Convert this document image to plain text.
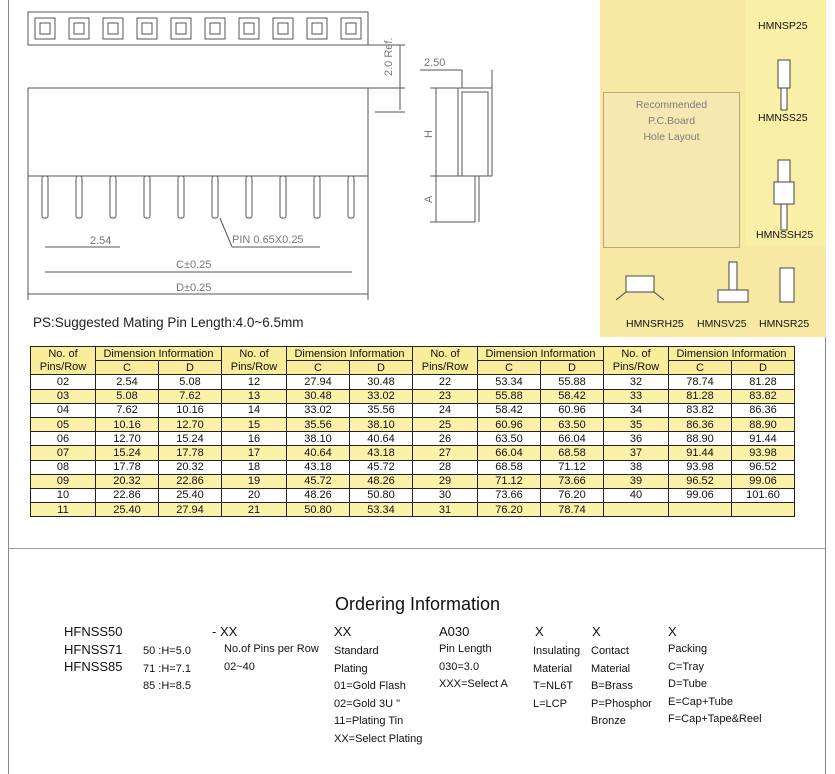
2.0 Ref.	2.50
H
A
2.54	PIN 0.65X0.25
C±0.25
D±0.25
HMNSP25
HMNSS25
HMNSSH25
HMNSRH25 HMNSV25 HMNSR25
Recommended
P.C.Board
Hole Layout
PS:Suggested Mating Pin Length:4.0~6.5mm
No. of Pins/Row	Dimension Information		No. of Pins/Row	Dimension Information		No. of Pins/Row	Dimension Information		No. of Pins/Row	Dimension Information	
	C	D		C	D		C	D		C	D
02	2.54	5.08	12	27.94	30.48	22	53.34	55.88	32	78.74	81.28
03	5.08	7.62	13	30.48	33.02	23	55.88	58.42	33	81.28	83.82
04	7.62	10.16	14	33.02	35.56	24	58.42	60.96	34	83.82	86.36
05	10.16	12.70	15	35.56	38.10	25	60.96	63.50	35	86.36	88.90
06	12.70	15.24	16	38.10	40.64	26	63.50	66.04	36	88.90	91.44
07	15.24	17.78	17	40.64	43.18	27	66.04	68.58	37	91.44	93.98
08	17.78	20.32	18	43.18	45.72	28	68.58	71.12	38	93.98	96.52
09	20.32	22.86	19	45.72	48.26	29	71.12	73.66	39	96.52	99.06
10	22.86	25.40	20	48.26	50.80	30	73.66	76.20	40	99.06	101.60
11	25.40	27.94	21	50.80	53.34	31	76.20	78.74			
Ordering Information
HFNSS50
HFNSS71
HFNSS85
50 :H=5.0
71 :H=7.1
85 :H=8.5
- XX
No.of Pins per Row
02~40
XX
Standard
Plating
01=Gold Flash
02=Gold 3U "
11=Plating Tin
XX=Select Plating
A030
Pin Length
030=3.0
XXX=Select A
X
Insulating
Material
T=NL6T
L=LCP
X
Contact
Material
B=Brass
P=Phosphor
Bronze
X
Packing
C=Tray
D=Tube
E=Cap+Tube
F=Cap+Tape&Reel
